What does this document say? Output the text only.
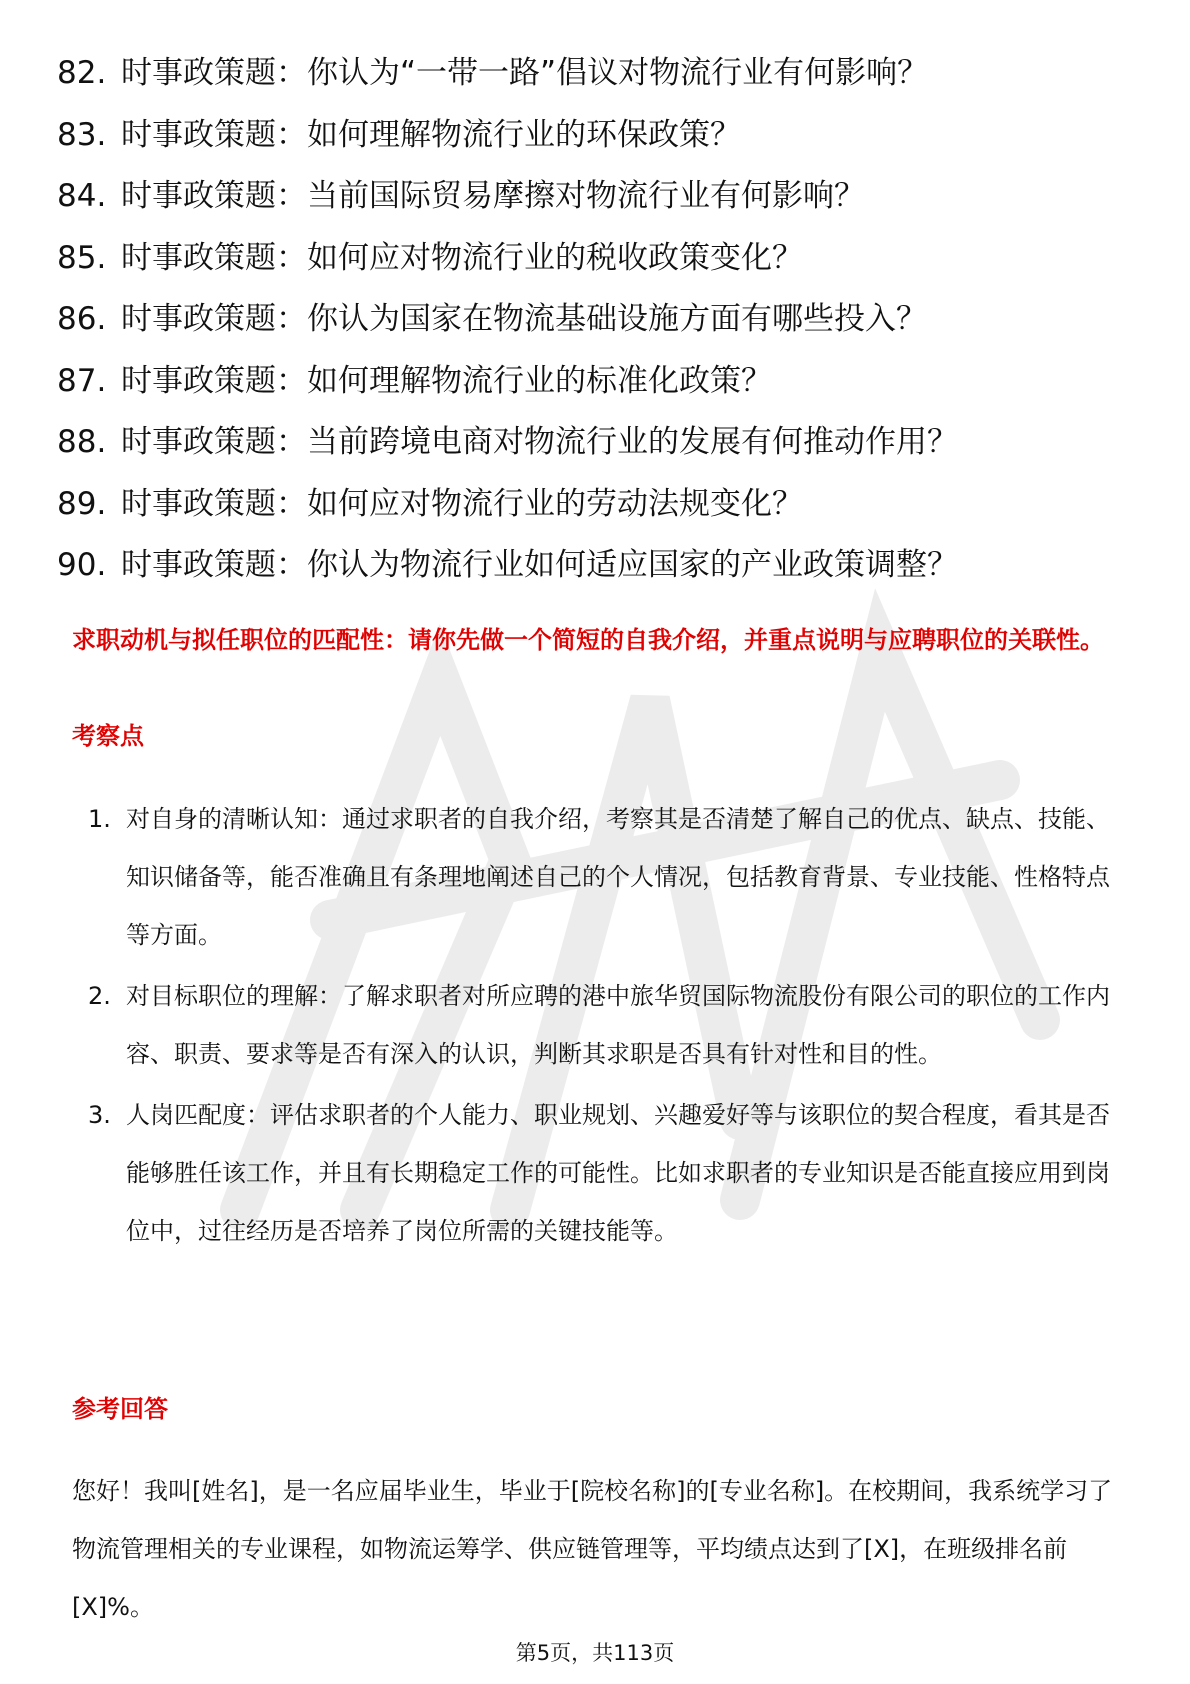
82. 时事政策题：你认为“一带一路”倡议对物流行业有何影响？
83. 时事政策题：如何理解物流行业的环保政策？
84. 时事政策题：当前国际贸易摩擦对物流行业有何影响？
85. 时事政策题：如何应对物流行业的税收政策变化？
86. 时事政策题：你认为国家在物流基础设施方面有哪些投入？
87. 时事政策题：如何理解物流行业的标准化政策？
88. 时事政策题：当前跨境电商对物流行业的发展有何推动作用？
89. 时事政策题：如何应对物流行业的劳动法规变化？
90. 时事政策题：你认为物流行业如何适应国家的产业政策调整？

求职动机与拟任职位的匹配性：请你先做一个简短的自我介绍，并重点说明与应聘职位的关联性。

考察点

1. 对自身的清晰认知：通过求职者的自我介绍，考察其是否清楚了解自己的优点、缺点、技能、知识储备等，能否准确且有条理地阐述自己的个人情况，包括教育背景、专业技能、性格特点等方面。
2. 对目标职位的理解：了解求职者对所应聘的港中旅华贸国际物流股份有限公司的职位的工作内容、职责、要求等是否有深入的认识，判断其求职是否具有针对性和目的性。
3. 人岗匹配度：评估求职者的个人能力、职业规划、兴趣爱好等与该职位的契合程度，看其是否能够胜任该工作，并且有长期稳定工作的可能性。比如求职者的专业知识是否能直接应用到岗位中，过往经历是否培养了岗位所需的关键技能等。

参考回答

您好！我叫[姓名]，是一名应届毕业生，毕业于[院校名称]的[专业名称]。在校期间，我系统学习了物流管理相关的专业课程，如物流运筹学、供应链管理等，平均绩点达到了[X]，在班级排名前[X]%。

第5页，共113页
